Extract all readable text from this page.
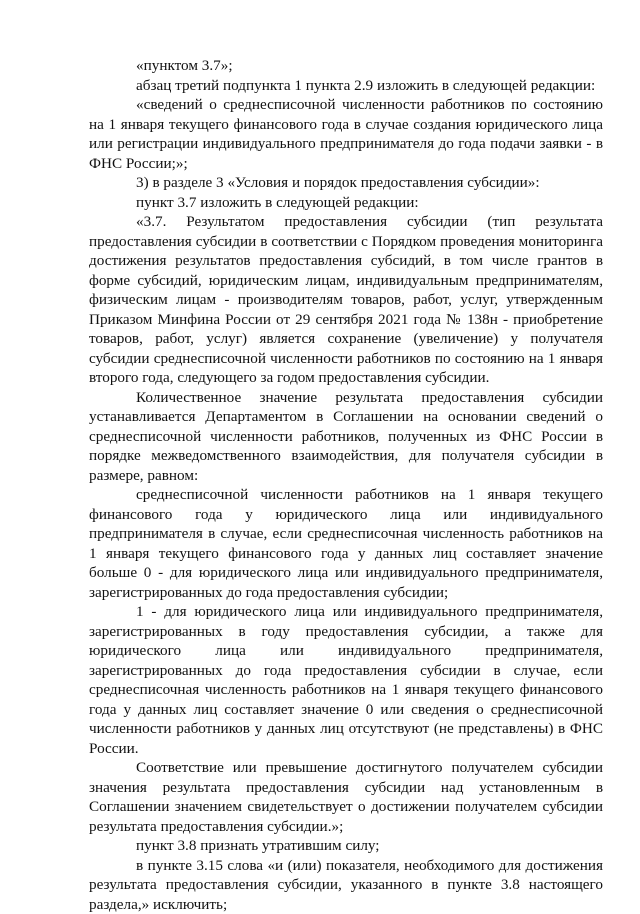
«пунктом 3.7»;

абзац третий подпункта 1 пункта 2.9 изложить в следующей редакции:

«сведений о среднесписочной численности работников по состоянию на 1 января текущего финансового года в случае создания юридического лица или регистрации индивидуального предпринимателя до года подачи заявки - в ФНС России;»;

3) в разделе 3 «Условия и порядок предоставления субсидии»:

пункт 3.7 изложить в следующей редакции:

«3.7. Результатом предоставления субсидии (тип результата предоставления субсидии в соответствии с Порядком проведения мониторинга достижения результатов предоставления субсидий, в том числе грантов в форме субсидий, юридическим лицам, индивидуальным предпринимателям, физическим лицам - производителям товаров, работ, услуг, утвержденным Приказом Минфина России от 29 сентября 2021 года № 138н - приобретение товаров, работ, услуг) является сохранение (увеличение) у получателя субсидии среднесписочной численности работников по состоянию на 1 января второго года, следующего за годом предоставления субсидии.

Количественное значение результата предоставления субсидии устанавливается Департаментом в Соглашении на основании сведений о среднесписочной численности работников, полученных из ФНС России в порядке межведомственного взаимодействия, для получателя субсидии в размере, равном:

среднесписочной численности работников на 1 января текущего финансового года у юридического лица или индивидуального предпринимателя в случае, если среднесписочная численность работников на 1 января текущего финансового года у данных лиц составляет значение больше 0 - для юридического лица или индивидуального предпринимателя, зарегистрированных до года предоставления субсидии;

1 - для юридического лица или индивидуального предпринимателя, зарегистрированных в году предоставления субсидии, а также для юридического лица или индивидуального предпринимателя, зарегистрированных до года предоставления субсидии в случае, если среднесписочная численность работников на 1 января текущего финансового года у данных лиц составляет значение 0 или сведения о среднесписочной численности работников у данных лиц отсутствуют (не представлены) в ФНС России.

Соответствие или превышение достигнутого получателем субсидии значения результата предоставления субсидии над установленным в Соглашении значением свидетельствует о достижении получателем субсидии результата предоставления субсидии.»;

пункт 3.8 признать утратившим силу;

в пункте 3.15 слова «и (или) показателя, необходимого для достижения результата предоставления субсидии, указанного в пункте 3.8 настоящего раздела,» исключить;
